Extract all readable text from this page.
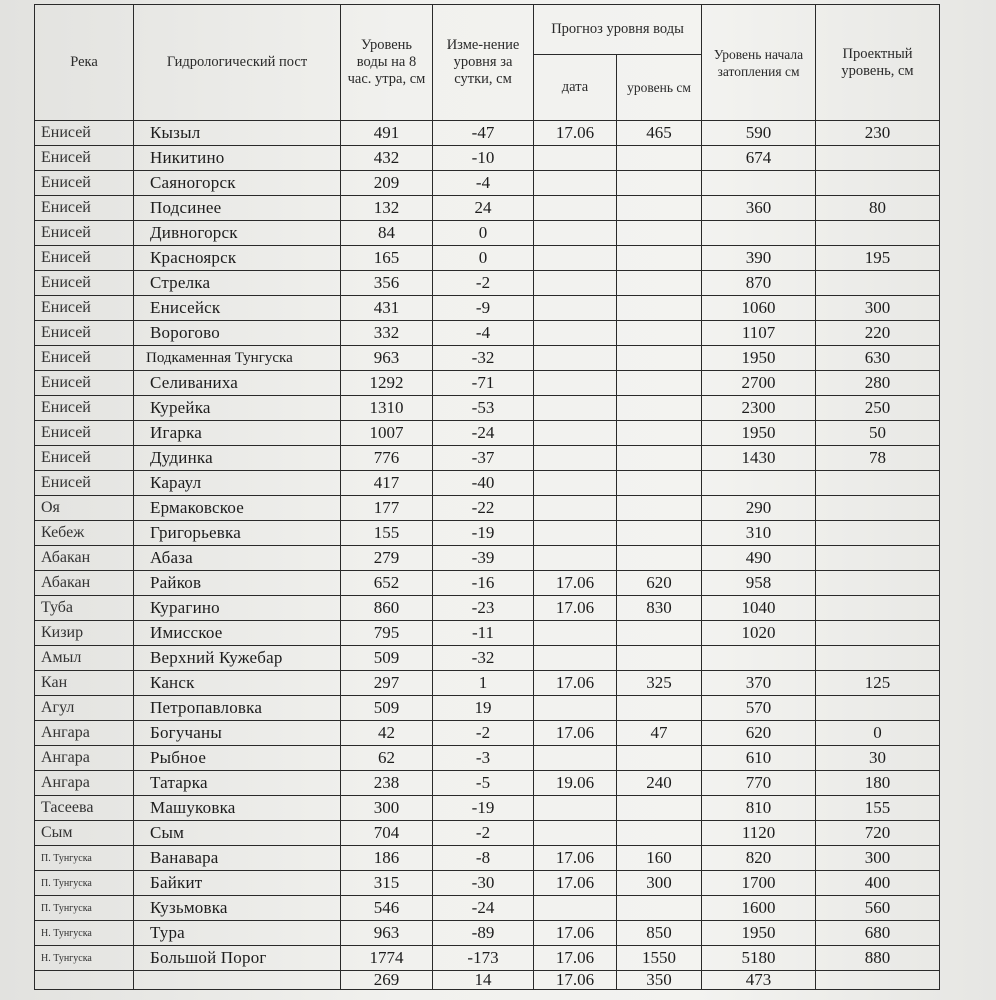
Река	Гидрологический пост	Уровень воды на 8 час. утра, см	Изме-нение уровня за сутки, см	Прогноз уровня воды		Уровень начала затопления см	Проектный уровень, см
				дата	уровень см		
Енисей	Кызыл	491	-47	17.06	465	590	230
Енисей	Никитино	432	-10			674	
Енисей	Саяногорск	209	-4				
Енисей	Подсинее	132	24			360	80
Енисей	Дивногорск	84	0				
Енисей	Красноярск	165	0			390	195
Енисей	Стрелка	356	-2			870	
Енисей	Енисейск	431	-9			1060	300
Енисей	Ворогово	332	-4			1107	220
Енисей	Подкаменная Тунгуска	963	-32			1950	630
Енисей	Селиваниха	1292	-71			2700	280
Енисей	Курейка	1310	-53			2300	250
Енисей	Игарка	1007	-24			1950	50
Енисей	Дудинка	776	-37			1430	78
Енисей	Караул	417	-40				
Оя	Ермаковское	177	-22			290	
Кебеж	Григорьевка	155	-19			310	
Абакан	Абаза	279	-39			490	
Абакан	Райков	652	-16	17.06	620	958	
Туба	Курагино	860	-23	17.06	830	1040	
Кизир	Имисское	795	-11			1020	
Амыл	Верхний Кужебар	509	-32				
Кан	Канск	297	1	17.06	325	370	125
Агул	Петропавловка	509	19			570	
Ангара	Богучаны	42	-2	17.06	47	620	0
Ангара	Рыбное	62	-3			610	30
Ангара	Татарка	238	-5	19.06	240	770	180
Тасеева	Машуковка	300	-19			810	155
Сым	Сым	704	-2			1120	720
П. Тунгуска	Ванавара	186	-8	17.06	160	820	300
П. Тунгуска	Байкит	315	-30	17.06	300	1700	400
П. Тунгуска	Кузьмовка	546	-24			1600	560
Н. Тунгуска	Тура	963	-89	17.06	850	1950	680
Н. Тунгуска	Большой Порог	1774	-173	17.06	1550	5180	880
		269	14	17.06	350	473	
